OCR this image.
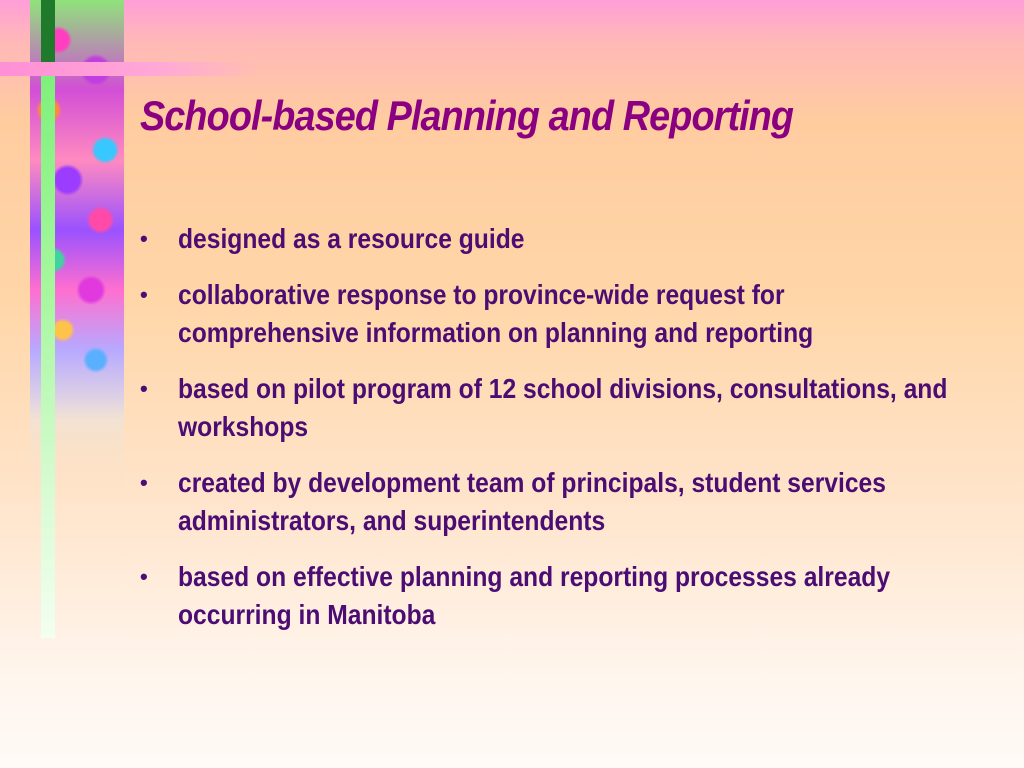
School-based Planning and Reporting
• designed as a resource guide
• collaborative response to province-wide request for comprehensive information on planning and reporting
• based on pilot program of 12 school divisions, consultations, and workshops
• created by development team of principals, student services administrators, and superintendents
• based on effective planning and reporting processes already occurring in Manitoba
